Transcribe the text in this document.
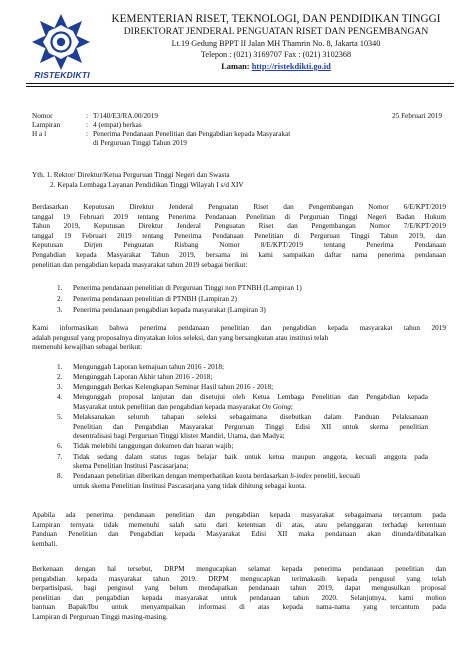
RISTEKDIKTI
KEMENTERIAN RISET, TEKNOLOGI, DAN PENDIDIKAN TINGGI
DIREKTORAT JENDERAL PENGUATAN RISET DAN PENGEMBANGAN
Lt.19 Gedung BPPT II Jalan MH Thamrin No. 8, Jakarta 10340
Telepon : (021) 3169707 Fax : (021) 3102368
Laman: http://ristekdikti.go.id
Nomor	: T/140/E3/RA.00/2019	25 Februari 2019
Lampiran	: 4 (empat) berkas
H a l	: Penerima Pendanaan Penelitian dan Pengabdian kepada Masyarakat
di Perguruan Tinggi Tahun 2019
Yth. 1. Rektor/ Direktur/Ketua Perguruan Tinggi Negeri dan Swasta
2. Kepala Lembaga Layanan Pendidikan Tinggi Wilayah I s/d XIV
Berdasarkan Keputusan Direktur Jenderal Penguatan Riset dan Pengembangan Nomor 6/E/KPT/2019
tanggal 19 Februari 2019 tentang Penerima Pendanaan Penelitian di Perguruan Tinggi Negeri Badan Hukum
Tahun 2019, Keputusan Direktur Jenderal Penguatan Riset dan Pengembangan Nomor 7/E/KPT/2019
tanggal 19 Februari 2019 tentang Penerima Pendanaan Penelitian di Perguruan Tinggi Tahun 2019, dan
Keputusan Dirjen Penguatan Risbang Nomor 8/E/KPT/2019 tentang Penerima Pendanaan
Pengabdian kepada Masyarakat Tahun 2019, bersama ini kami sampaikan daftar nama penerima pendanaan
penelitian dan pengabdian kepada masyarakat tahun 2019 sebagai berikut:
1. Penerima pendanaan penelitian di Perguruan Tinggi non PTNBH (Lampiran 1)
2. Penerima pendanaan penelitian di PTNBH (Lampiran 2)
3. Penerima pendanaan pengabdian kepada masyarakat (Lampiran 3)
Kami informasikan bahwa penerima pendanaan penelitian dan pengabdian kepada masyarakat tahun 2019
adalah pengusul yang proposalnya dinyatakan lolos seleksi, dan yang bersangkutan atau institusi telah
memenuhi kewajiban sebagai berikut:
1. Mengunggah Laporan kemajuan tahun 2016 - 2018;
2. Mengunggah Laporan Akhir tahun 2016 - 2018;
3. Mengunggah Berkas Kelengkapan Seminar Hasil tahun 2016 - 2018;
4. Mengunggah proposal lanjutan dan disetujui oleh Ketua Lembaga Penelitian dan Pengabdian kepada
Masyarakat untuk penelitian dan pengabdian kepada masyarakat On Going;
5. Melaksanakan seluruh tahapan seleksi sebagaimana disebutkan dalam Panduan Pelaksanaan
Penelitian dan Pengabdian Masyarakat Perguruan Tinggi Edisi XII untuk skema penelitian
desentralisasi bagi Perguruan Tinggi klister Mandiri, Utama, dan Madya;
6. Tidak melebihi tanggungan dokumen dan luaran wajib;
7. Tidak sedang dalam status tugas belajar baik untuk ketua maupun anggota, kecuali anggota pada
skema Penelitian Institusi Pascasarjana;
8. Pendanaan penelitian diberikan dengan memperhatikan kuota berdasarkan h-index peneliti, kecuali
untuk skema Penelitian Institusi Pascasarjana yang tidak dihitung sebagai kuota.
Apabila ada penerima pendanaan penelitian dan pengabdian kepada masyarakat sebagaimana tercantum pada
Lampiran ternyata tidak memenuhi salah satu dari ketentuan di atas, atau pelanggaran terhadap ketentuan
Panduan Penelitian dan Pengabdian kepada Masyarakat Edisi XII maka pendanaan akan ditunda/dibatalkan
kembali.
Berkenaan dengan hal tersebut, DRPM mengucapkan selamat kepada penerima pendanaan penelitian dan
pengabdian kepada masyarakat tahun 2019. DRPM mengucapkan terimakasih kepada pengusul yang telah
berpartisipasi, bagi pengusul yang belum mendapatkan pendanaan tahun 2019, dapat mengusulkan proposal
penelitian dan pengabdian kepada masyarakat untuk pendanaan tahun 2020. Selanjutnya, kami mohon
bantuan Bapak/Ibu untuk menyampaikan informasi di atas kepada nama-nama yang tercantum pada
Lampiran di Perguruan Tinggi masing-masing.
